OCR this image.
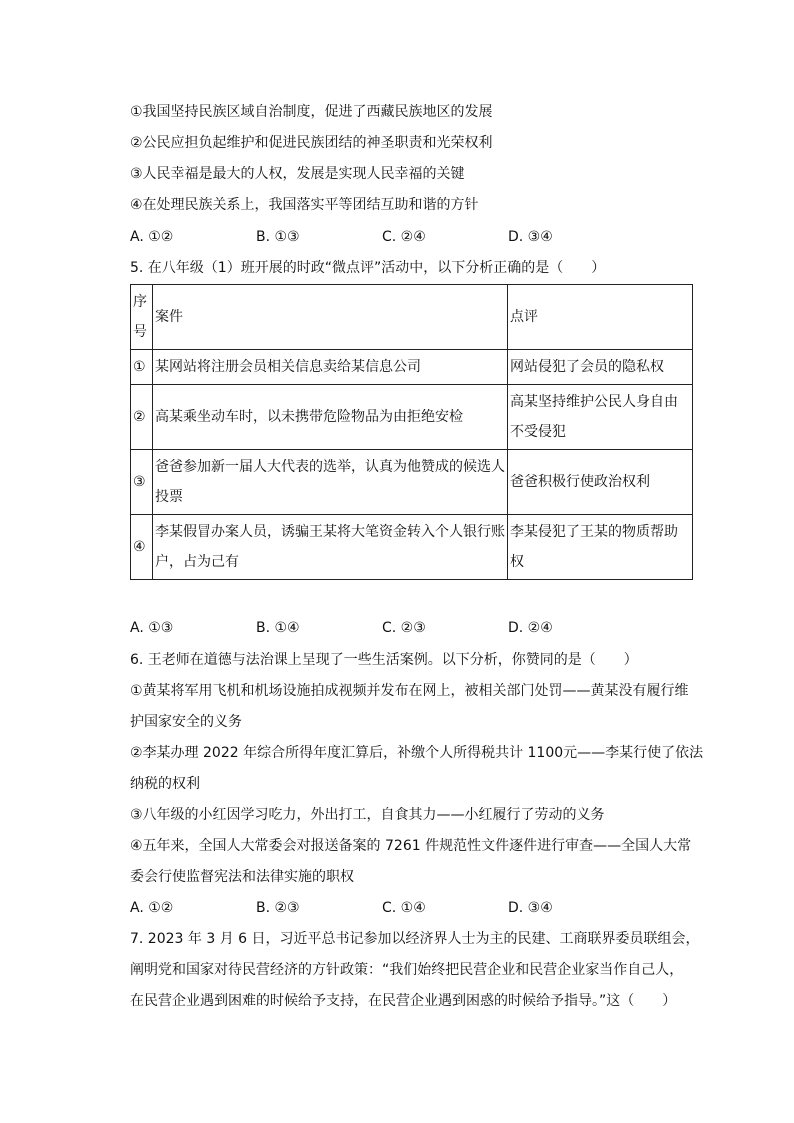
①我国坚持民族区域自治制度，促进了西藏民族地区的发展
②公民应担负起维护和促进民族团结的神圣职责和光荣权利
③人民幸福是最大的人权，发展是实现人民幸福的关键
④在处理民族关系上，我国落实平等团结互助和谐的方针
A. ①②	B. ①③	C. ②④	D. ③④
5. 在八年级（1）班开展的时政“微点评”活动中，以下分析正确的是（　　）
序号	案件	点评
①	某网站将注册会员相关信息卖给某信息公司	网站侵犯了会员的隐私权
②	高某乘坐动车时，以未携带危险物品为由拒绝安检	高某坚持维护公民人身自由不受侵犯
③	爸爸参加新一届人大代表的选举，认真为他赞成的候选人投票	爸爸积极行使政治权利
④	李某假冒办案人员，诱骗王某将大笔资金转入个人银行账户，占为己有	李某侵犯了王某的物质帮助权
A. ①③	B. ①④	C. ②③	D. ②④
6. 王老师在道德与法治课上呈现了一些生活案例。以下分析，你赞同的是（　　）
①黄某将军用飞机和机场设施拍成视频并发布在网上，被相关部门处罚——黄某没有履行维
护国家安全的义务
②李某办理 2022 年综合所得年度汇算后，补缴个人所得税共计 1100元——李某行使了依法
纳税的权利
③八年级的小红因学习吃力，外出打工，自食其力——小红履行了劳动的义务
④五年来，全国人大常委会对报送备案的 7261 件规范性文件逐件进行审查——全国人大常
委会行使监督宪法和法律实施的职权
A. ①②	B. ②③	C. ①④	D. ③④
7. 2023 年 3 月 6 日，习近平总书记参加以经济界人士为主的民建、工商联界委员联组会，
阐明党和国家对待民营经济的方针政策：“我们始终把民营企业和民营企业家当作自己人，
在民营企业遇到困难的时候给予支持，在民营企业遇到困惑的时候给予指导。”这（　　）
